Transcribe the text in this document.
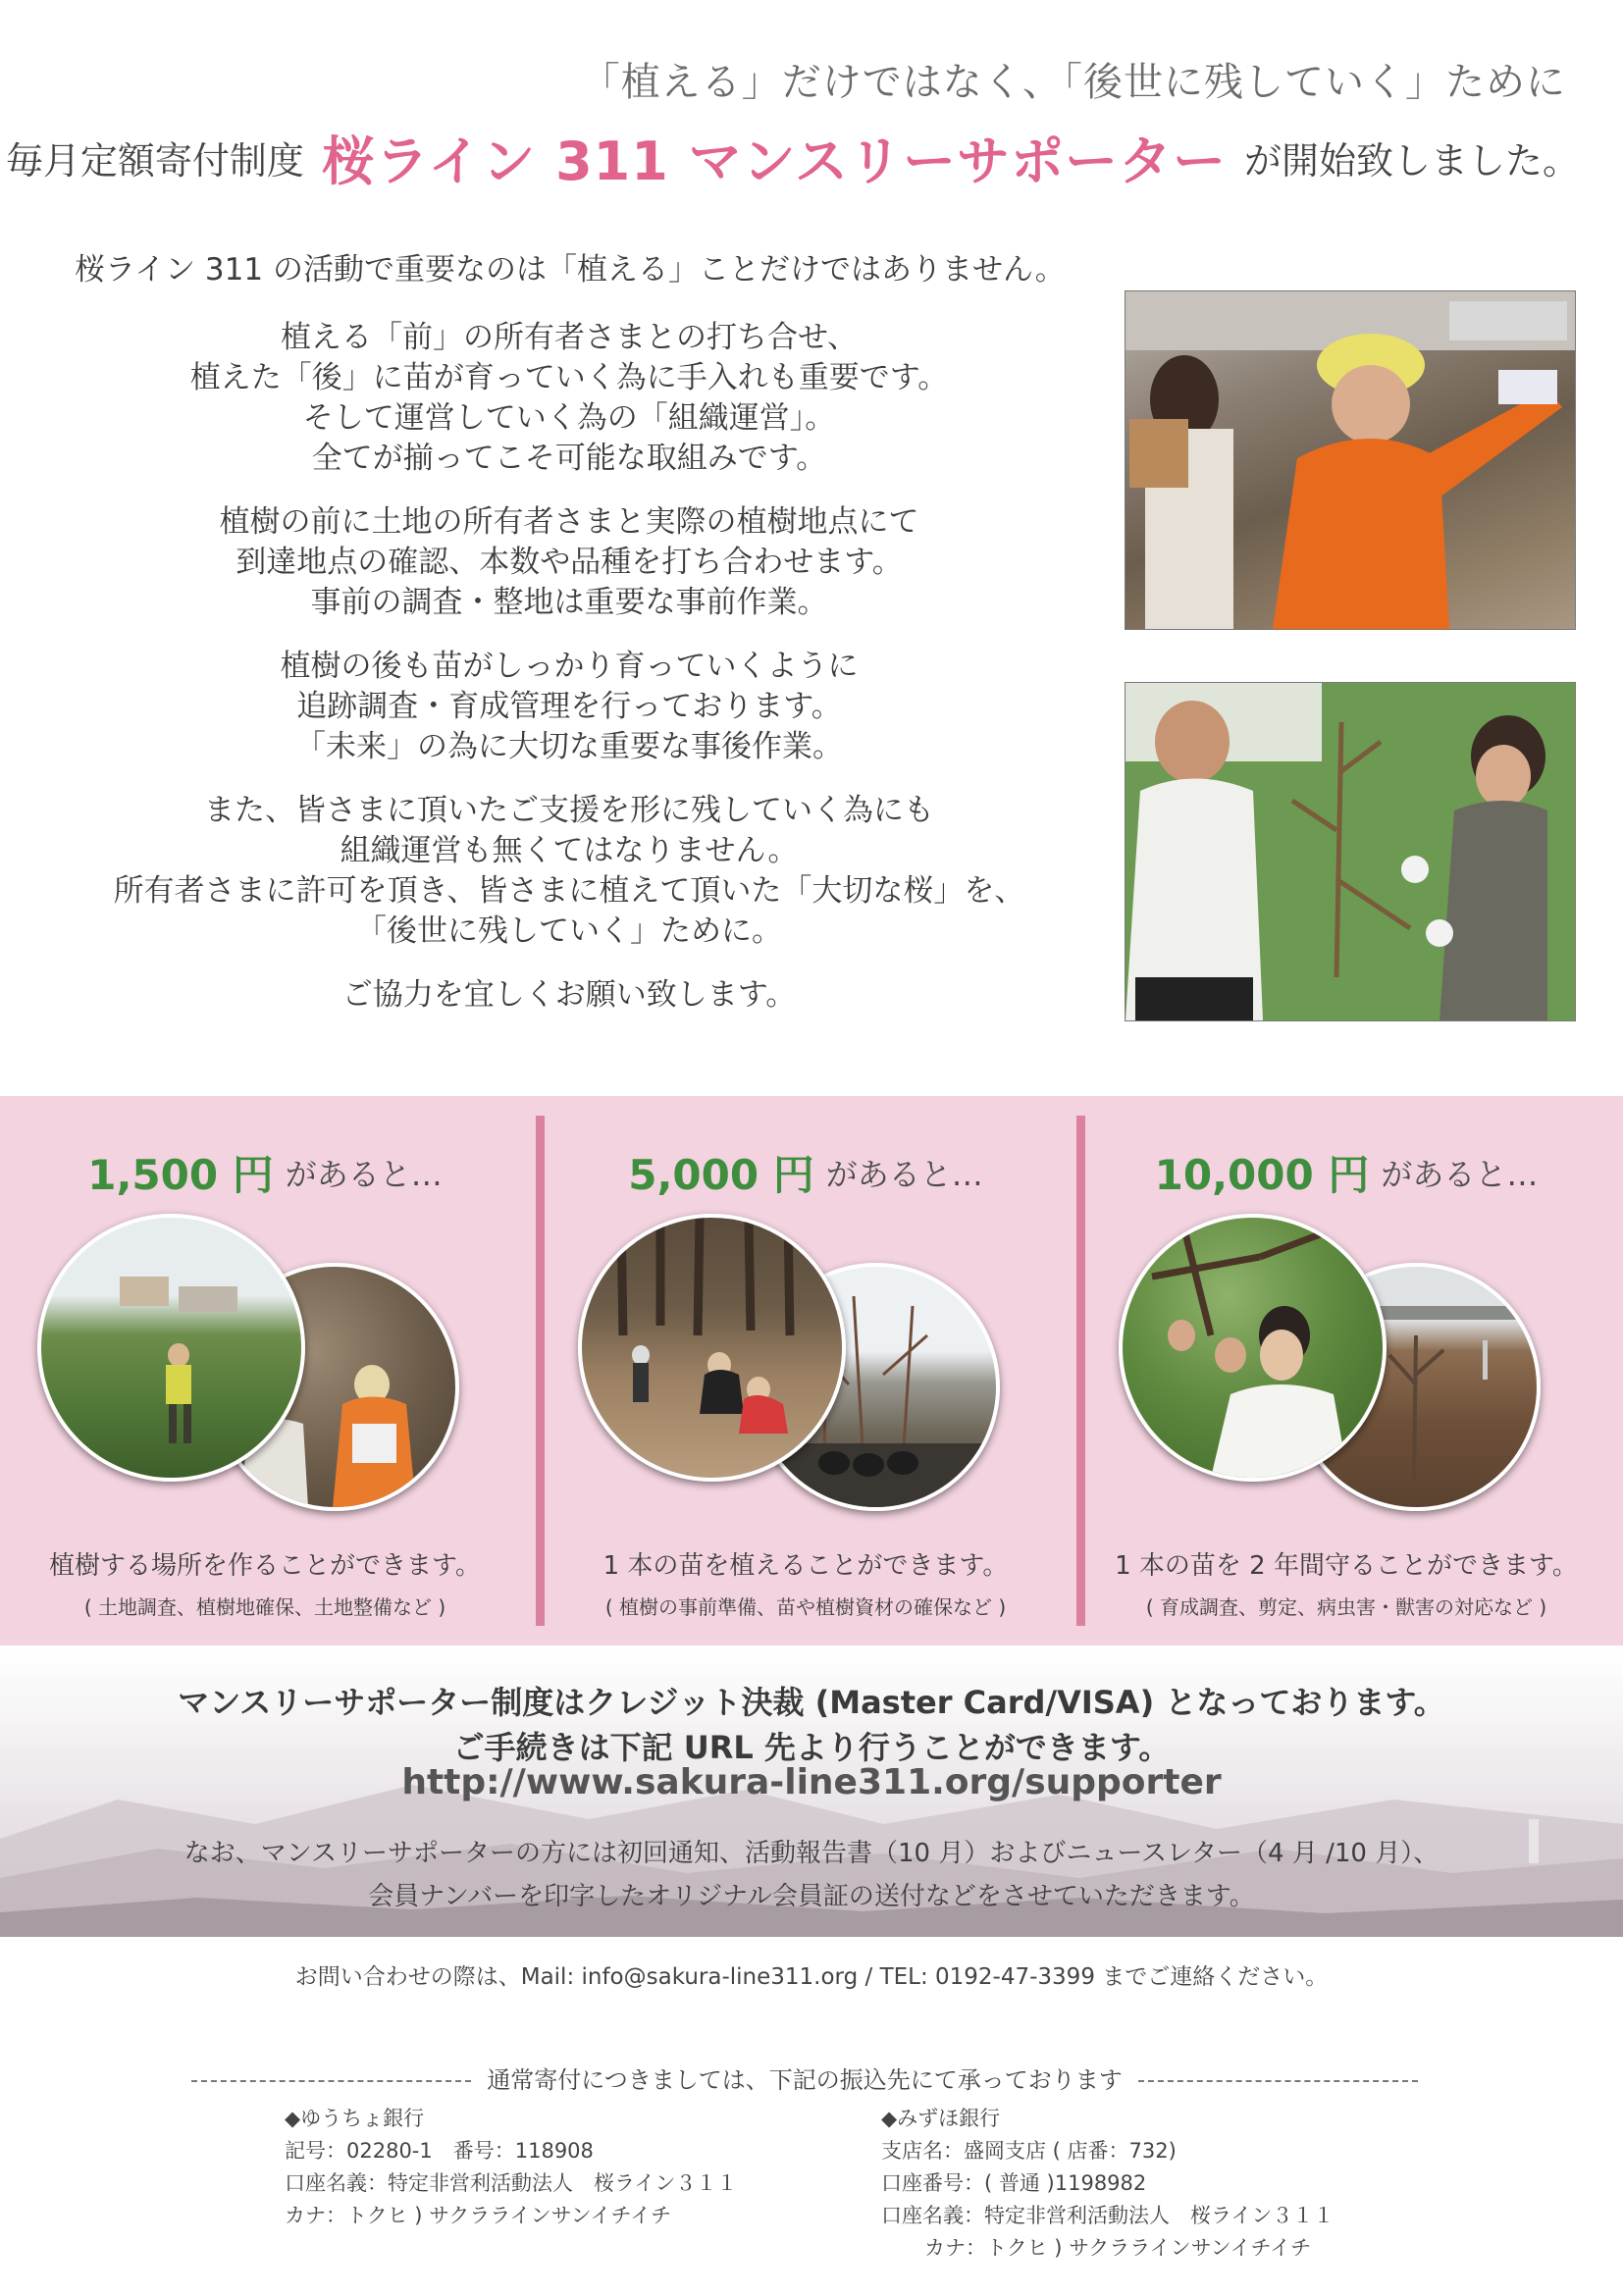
「植える」だけではなく、「後世に残していく」ために
毎月定額寄付制度 桜ライン 311 マンスリーサポーター が開始致しました。
桜ライン 311 の活動で重要なのは「植える」ことだけではありません。
植える「前」の所有者さまとの打ち合せ、
植えた「後」に苗が育っていく為に手入れも重要です。
そして運営していく為の「組織運営」。
全てが揃ってこそ可能な取組みです。
植樹の前に土地の所有者さまと実際の植樹地点にて
到達地点の確認、本数や品種を打ち合わせます。
事前の調査・整地は重要な事前作業。
植樹の後も苗がしっかり育っていくように
追跡調査・育成管理を行っております。
「未来」の為に大切な重要な事後作業。
また、皆さまに頂いたご支援を形に残していく為にも
組織運営も無くてはなりません。
所有者さまに許可を頂き、皆さまに植えて頂いた「大切な桜」を、
「後世に残していく」ために。
ご協力を宜しくお願い致します。
1,500 円 があると…
植樹する場所を作ることができます。
( 土地調査、植樹地確保、土地整備など )
5,000 円 があると…
1 本の苗を植えることができます。
( 植樹の事前準備、苗や植樹資材の確保など )
10,000 円 があると…
1 本の苗を 2 年間守ることができます。
( 育成調査、剪定、病虫害・獣害の対応など )
マンスリーサポーター制度はクレジット決裁 (Master Card/VISA) となっております。
ご手続きは下記 URL 先より行うことができます。
http://www.sakura-line311.org/supporter
なお、マンスリーサポーターの方には初回通知、活動報告書（10 月）およびニュースレター（4 月 /10 月）、
会員ナンバーを印字したオリジナル会員証の送付などをさせていただきます。
お問い合わせの際は、Mail: info@sakura-line311.org / TEL: 0192-47-3399 までご連絡ください。
通常寄付につきましては、下記の振込先にて承っております
◆ゆうちょ銀行
記号：02280-1　番号：118908
口座名義：特定非営利活動法人　桜ライン３１１
カナ：トクヒ ) サクララインサンイチイチ
◆みずほ銀行
支店名：盛岡支店 ( 店番：732)
口座番号：( 普通 )1198982
口座名義：特定非営利活動法人　桜ライン３１１
カナ：トクヒ ) サクララインサンイチイチ
